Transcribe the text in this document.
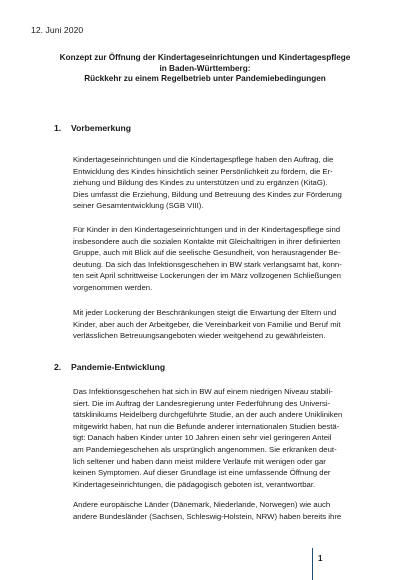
12. Juni 2020
Konzept zur Öffnung der Kindertageseinrichtungen und Kindertagespflege
in Baden-Württemberg:
Rückkehr zu einem Regelbetrieb unter Pandemiebedingungen
1. Vorbemerkung
Kindertageseinrichtungen und die Kindertagespflege haben den Auftrag, die
Entwicklung des Kindes hinsichtlich seiner Persönlichkeit zu fördern, die Er-
ziehung und Bildung des Kindes zu unterstützen und zu ergänzen (KitaG).
Dies umfasst die Erziehung, Bildung und Betreuung des Kindes zur Förderung
seiner Gesamtentwicklung (SGB VIII).
Für Kinder in den Kindertageseinrichtungen und in der Kindertagespflege sind
insbesondere auch die sozialen Kontakte mit Gleichaltrigen in ihrer definierten
Gruppe, auch mit Blick auf die seelische Gesundheit, von herausragender Be-
deutung. Da sich das Infektionsgeschehen in BW stark verlangsamt hat, konn-
ten seit April schrittweise Lockerungen der im März vollzogenen Schließungen
vorgenommen werden.
Mit jeder Lockerung der Beschränkungen steigt die Erwartung der Eltern und
Kinder, aber auch der Arbeitgeber, die Vereinbarkeit von Familie und Beruf mit
verlässlichen Betreuungsangeboten wieder weitgehend zu gewährleisten.
2. Pandemie-Entwicklung
Das Infektionsgeschehen hat sich in BW auf einem niedrigen Niveau stabili-
siert. Die im Auftrag der Landesregierung unter Federführung des Universi-
tätsklinikums Heidelberg durchgeführte Studie, an der auch andere Unikliniken
mitgewirkt haben, hat nun die Befunde anderer internationalen Studien bestä-
tigt: Danach haben Kinder unter 10 Jahren einen sehr viel geringeren Anteil
am Pandemiegeschehen als ursprünglich angenommen. Sie erkranken deut-
lich seltener und haben dann meist mildere Verläufe mit wenigen oder gar
keinen Symptomen. Auf dieser Grundlage ist eine umfassende Öffnung der
Kindertageseinrichtungen, die pädagogisch geboten ist, verantwortbar.
Andere europäische Länder (Dänemark, Niederlande, Norwegen) wie auch
andere Bundesländer (Sachsen, Schleswig-Holstein, NRW) haben bereits ihre
1
